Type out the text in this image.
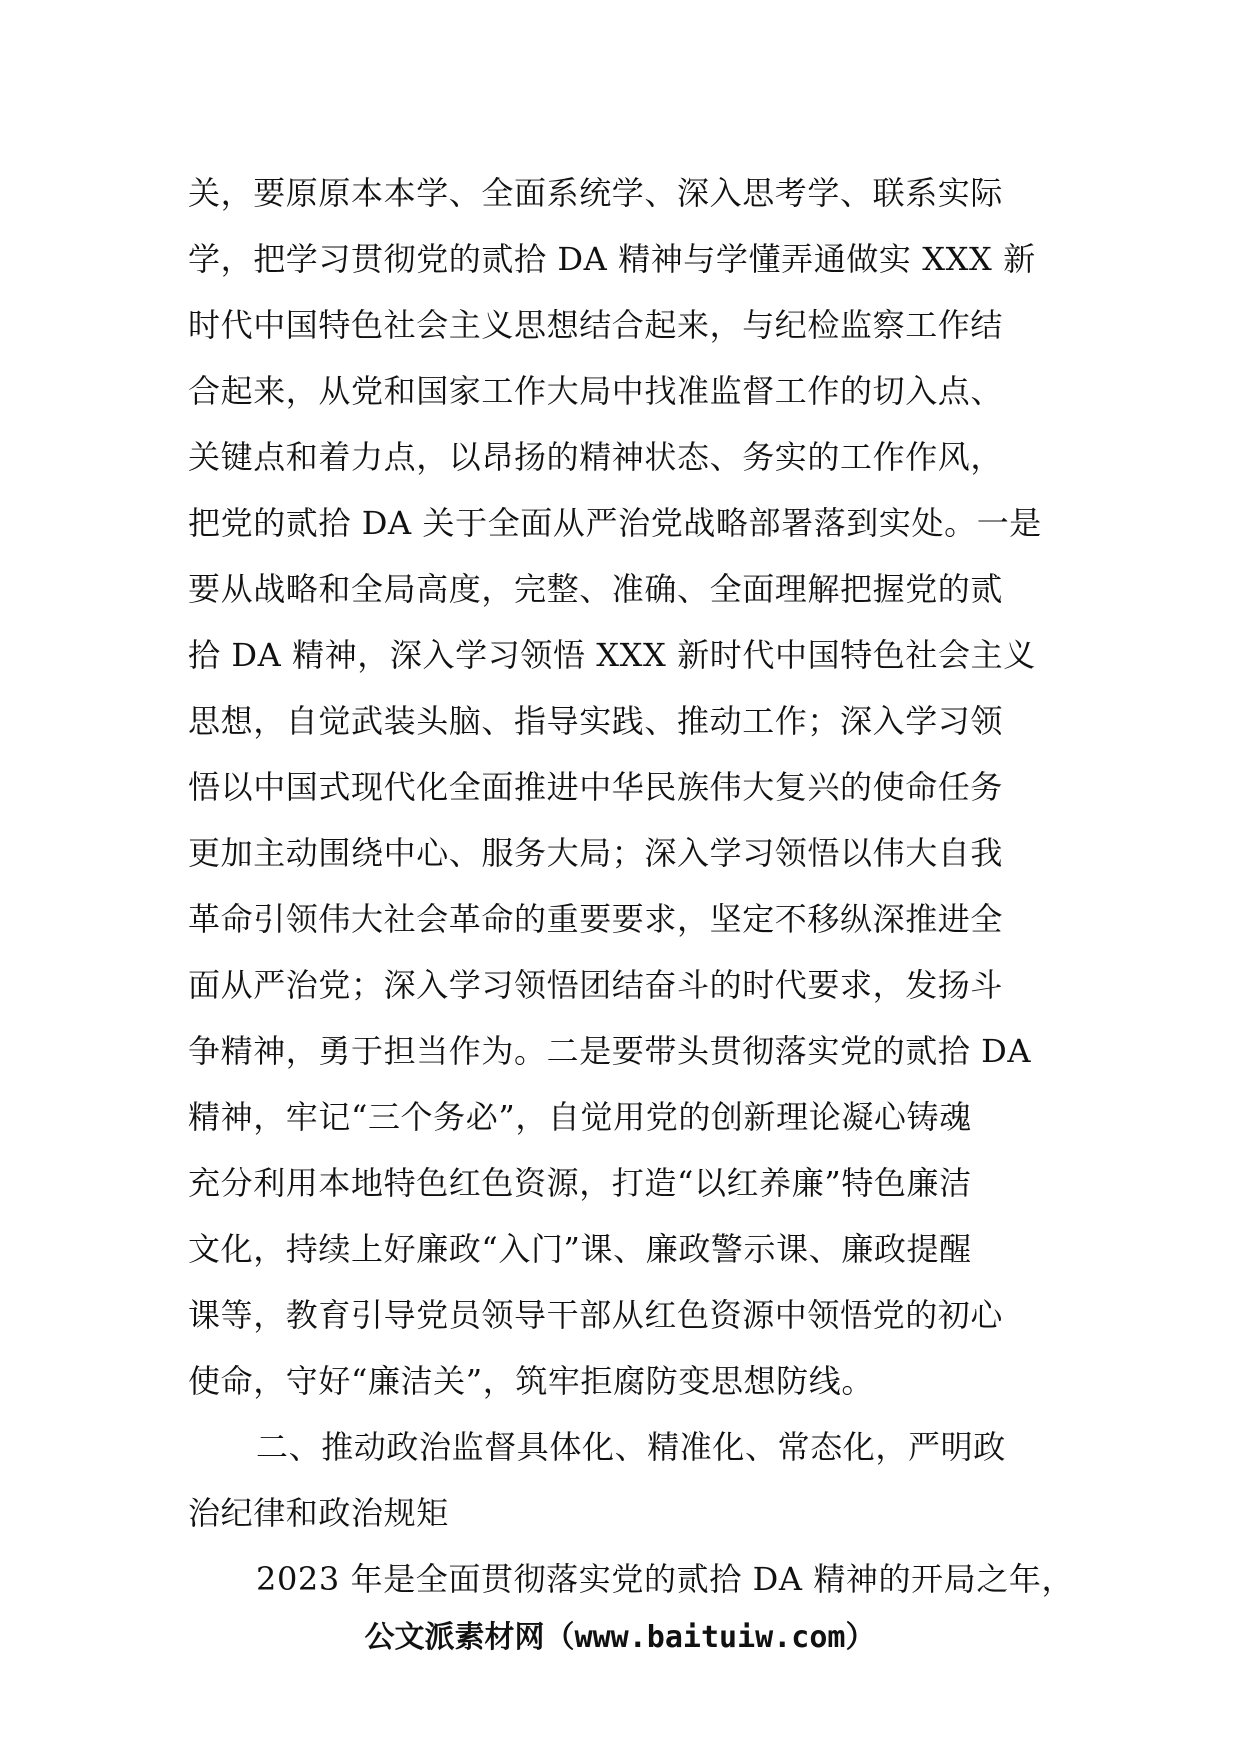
关，要原原本本学、全面系统学、深入思考学、联系实际
学，把学习贯彻党的贰拾 DA 精神与学懂弄通做实 XXX 新
时代中国特色社会主义思想结合起来，与纪检监察工作结
合起来，从党和国家工作大局中找准监督工作的切入点、
关键点和着力点，以昂扬的精神状态、务实的工作作风，
把党的贰拾 DA 关于全面从严治党战略部署落到实处。一是
要从战略和全局高度，完整、准确、全面理解把握党的贰
拾 DA 精神，深入学习领悟 XXX 新时代中国特色社会主义
思想，自觉武装头脑、指导实践、推动工作；深入学习领
悟以中国式现代化全面推进中华民族伟大复兴的使命任务
更加主动围绕中心、服务大局；深入学习领悟以伟大自我
革命引领伟大社会革命的重要要求，坚定不移纵深推进全
面从严治党；深入学习领悟团结奋斗的时代要求，发扬斗
争精神，勇于担当作为。二是要带头贯彻落实党的贰拾 DA
精神，牢记“三个务必”，自觉用党的创新理论凝心铸魂
充分利用本地特色红色资源，打造“以红养廉”特色廉洁
文化，持续上好廉政“入门”课、廉政警示课、廉政提醒
课等，教育引导党员领导干部从红色资源中领悟党的初心
使命，守好“廉洁关”，筑牢拒腐防变思想防线。
二、推动政治监督具体化、精准化、常态化，严明政
治纪律和政治规矩
2023 年是全面贯彻落实党的贰拾 DA 精神的开局之年，
公文派素材网（www.baituiw.com）
